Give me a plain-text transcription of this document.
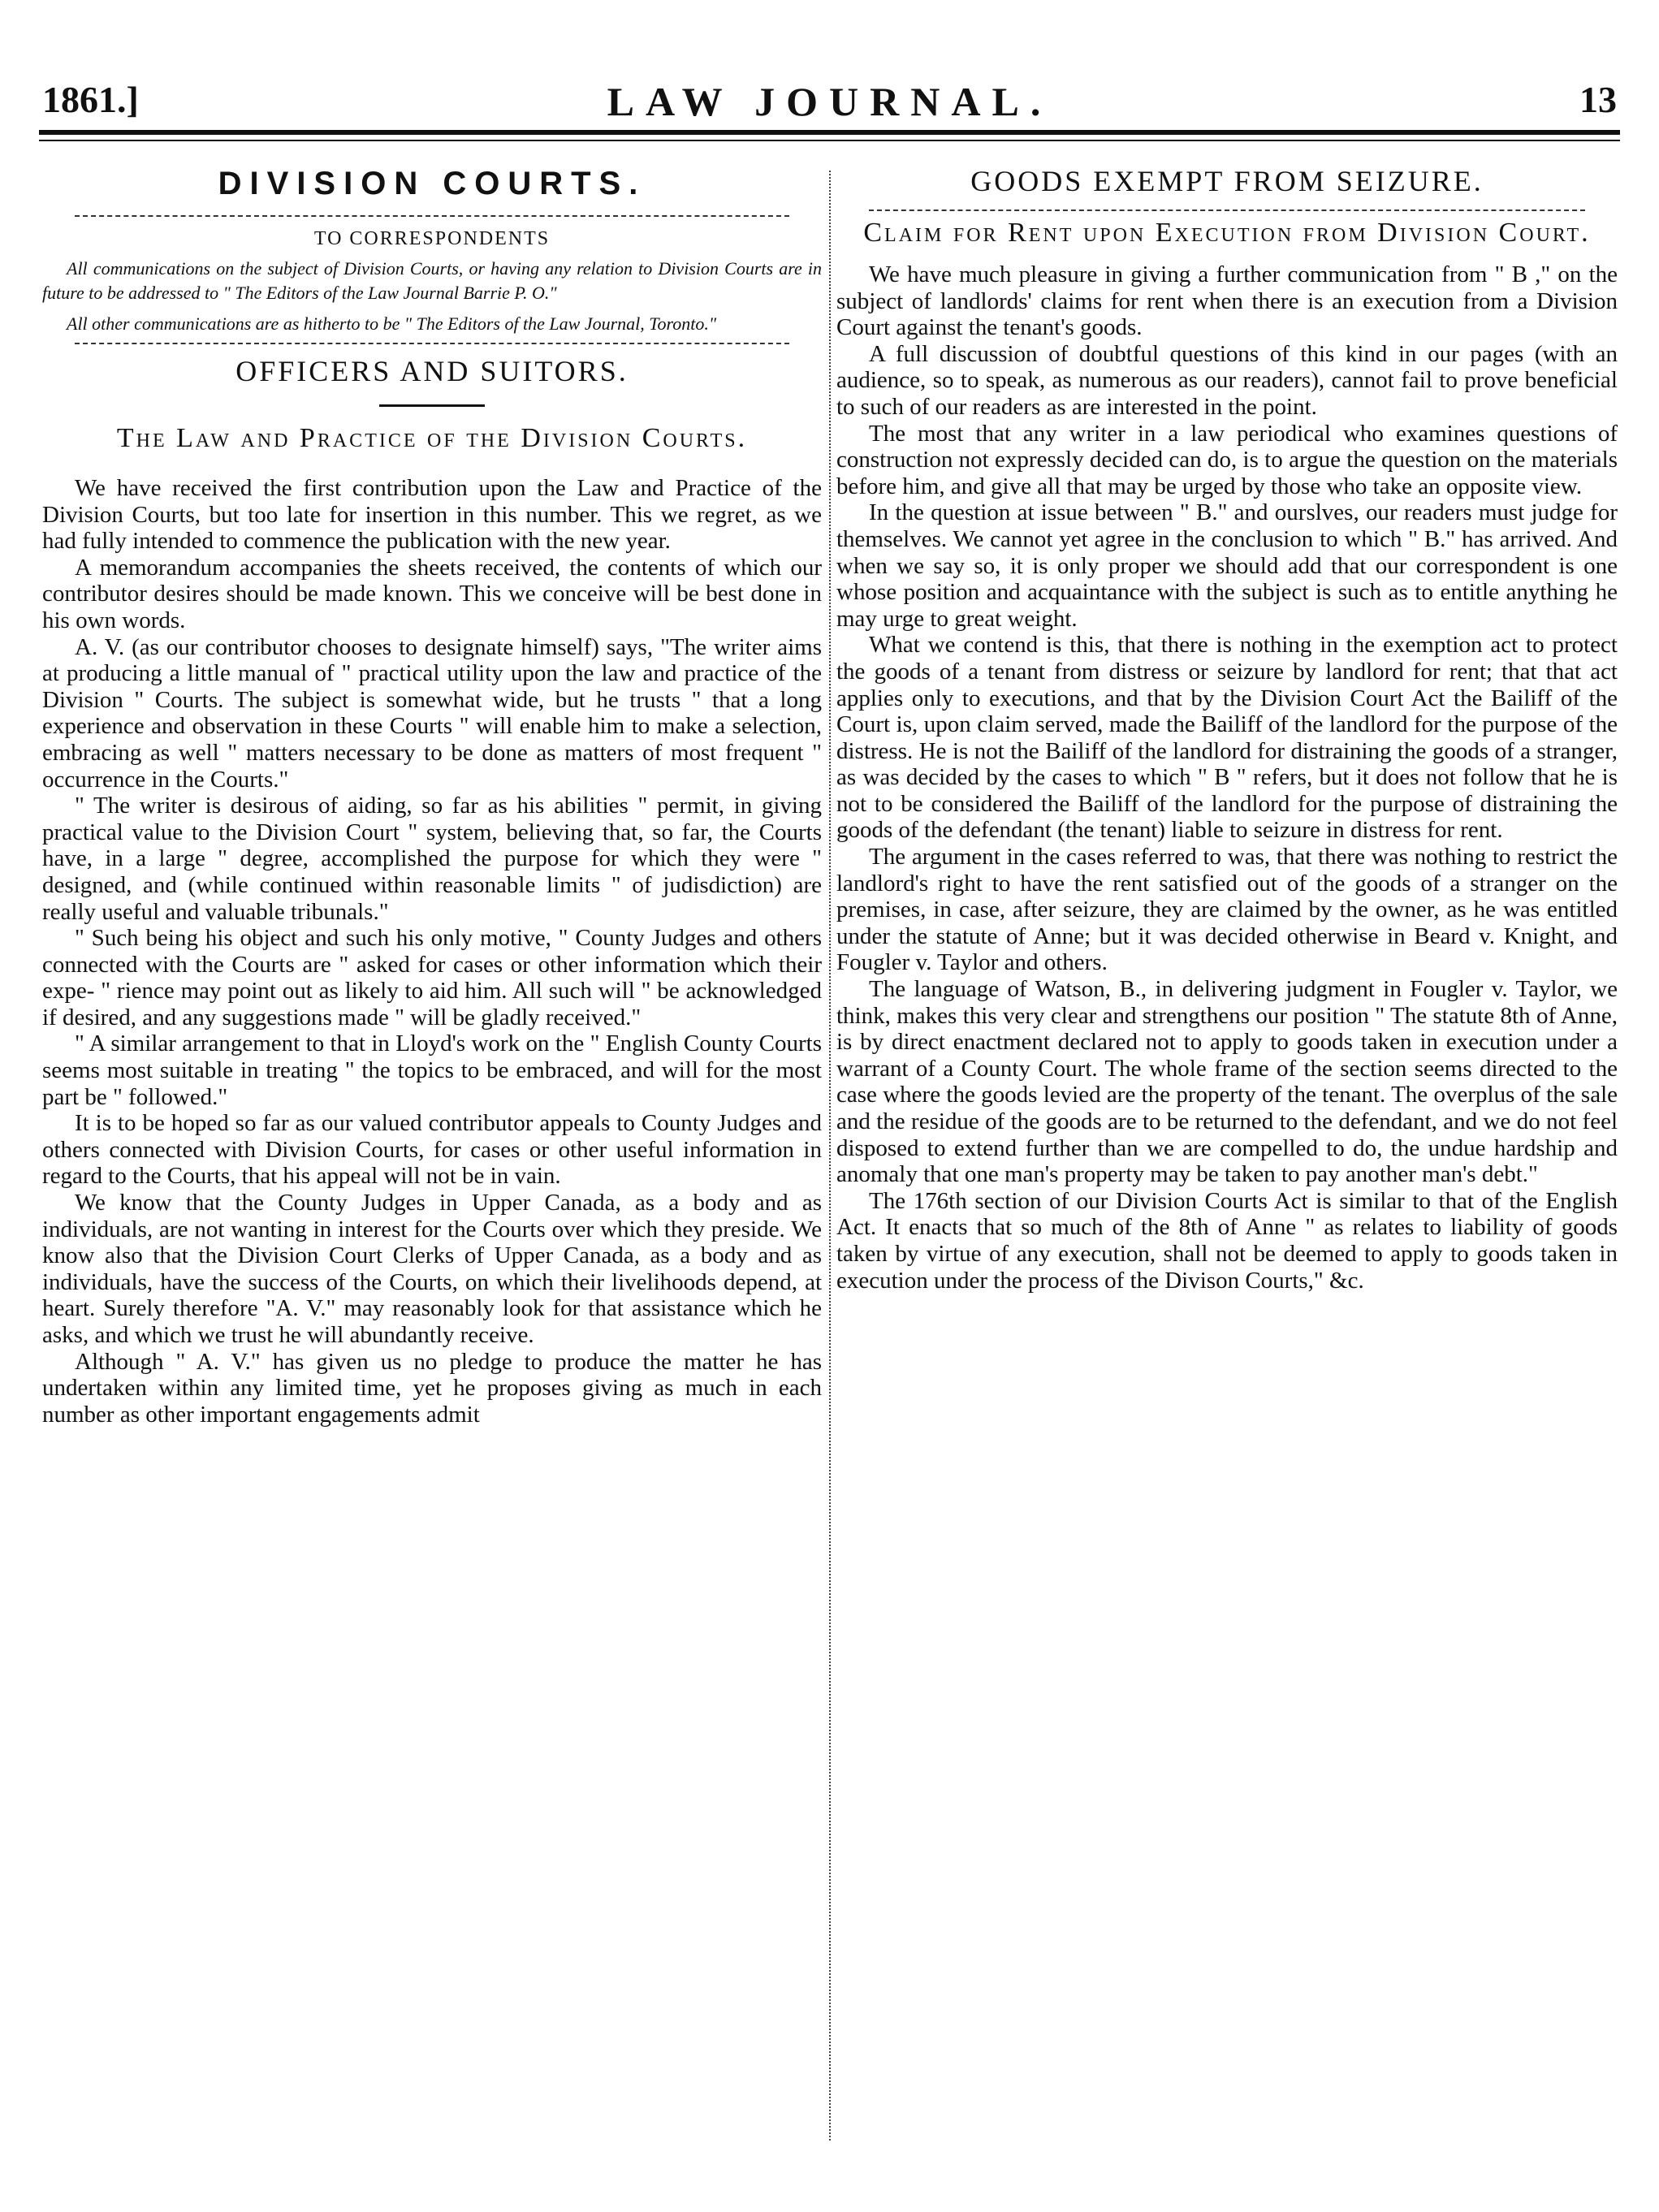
1861.]	LAW JOURNAL.	13
DIVISION COURTS.
TO CORRESPONDENTS

All communications on the subject of Division Courts, or having any relation to Division Courts are in future to be addressed to " The Editors of the Law Journal Barrie P. O."

All other communications are as hitherto to be " The Editors of the Law Journal, Toronto."

OFFICERS AND SUITORS.
The Law and Practice of the Division Courts.

We have received the first contribution upon the Law and Practice of the Division Courts, but too late for insertion in this number. This we regret, as we had fully intended to commence the publication with the new year.

A memorandum accompanies the sheets received, the contents of which our contributor desires should be made known. This we conceive will be best done in his own words.

A. V. (as our contributor chooses to designate himself) says, "The writer aims at producing a little manual of " practical utility upon the law and practice of the Division " Courts. The subject is somewhat wide, but he trusts " that a long experience and observation in these Courts " will enable him to make a selection, embracing as well " matters necessary to be done as matters of most frequent " occurrence in the Courts."

" The writer is desirous of aiding, so far as his abilities " permit, in giving practical value to the Division Court " system, believing that, so far, the Courts have, in a large " degree, accomplished the purpose for which they were " designed, and (while continued within reasonable limits " of judisdiction) are really useful and valuable tribunals."

" Such being his object and such his only motive, " County Judges and others connected with the Courts are " asked for cases or other information which their expe- " rience may point out as likely to aid him. All such will " be acknowledged if desired, and any suggestions made " will be gladly received."

" A similar arrangement to that in Lloyd's work on the " English County Courts seems most suitable in treating " the topics to be embraced, and will for the most part be " followed."

It is to be hoped so far as our valued contributor appeals to County Judges and others connected with Division Courts, for cases or other useful information in regard to the Courts, that his appeal will not be in vain.

We know that the County Judges in Upper Canada, as a body and as individuals, are not wanting in interest for the Courts over which they preside. We know also that the Division Court Clerks of Upper Canada, as a body and as individuals, have the success of the Courts, on which their livelihoods depend, at heart. Surely therefore "A. V." may reasonably look for that assistance which he asks, and which we trust he will abundantly receive.

Although " A. V." has given us no pledge to produce the matter he has undertaken within any limited time, yet he proposes giving as much in each number as other important engagements admit

GOODS EXEMPT FROM SEIZURE.
Claim for Rent upon Execution from Division Court.

We have much pleasure in giving a further communication from " B ," on the subject of landlords' claims for rent when there is an execution from a Division Court against the tenant's goods.

A full discussion of doubtful questions of this kind in our pages (with an audience, so to speak, as numerous as our readers), cannot fail to prove beneficial to such of our readers as are interested in the point.

The most that any writer in a law periodical who examines questions of construction not expressly decided can do, is to argue the question on the materials before him, and give all that may be urged by those who take an opposite view.

In the question at issue between " B." and ourslves, our readers must judge for themselves. We cannot yet agree in the conclusion to which " B." has arrived. And when we say so, it is only proper we should add that our correspondent is one whose position and acquaintance with the subject is such as to entitle anything he may urge to great weight.

What we contend is this, that there is nothing in the exemption act to protect the goods of a tenant from distress or seizure by landlord for rent; that that act applies only to executions, and that by the Division Court Act the Bailiff of the Court is, upon claim served, made the Bailiff of the landlord for the purpose of the distress. He is not the Bailiff of the landlord for distraining the goods of a stranger, as was decided by the cases to which " B " refers, but it does not follow that he is not to be considered the Bailiff of the landlord for the purpose of distraining the goods of the defendant (the tenant) liable to seizure in distress for rent.

The argument in the cases referred to was, that there was nothing to restrict the landlord's right to have the rent satisfied out of the goods of a stranger on the premises, in case, after seizure, they are claimed by the owner, as he was entitled under the statute of Anne; but it was decided otherwise in Beard v. Knight, and Fougler v. Taylor and others.

The language of Watson, B., in delivering judgment in Fougler v. Taylor, we think, makes this very clear and strengthens our position " The statute 8th of Anne, is by direct enactment declared not to apply to goods taken in execution under a warrant of a County Court. The whole frame of the section seems directed to the case where the goods levied are the property of the tenant. The overplus of the sale and the residue of the goods are to be returned to the defendant, and we do not feel disposed to extend further than we are compelled to do, the undue hardship and anomaly that one man's property may be taken to pay another man's debt."

The 176th section of our Division Courts Act is similar to that of the English Act. It enacts that so much of the 8th of Anne " as relates to liability of goods taken by virtue of any execution, shall not be deemed to apply to goods taken in execution under the process of the Divison Courts," &c.
